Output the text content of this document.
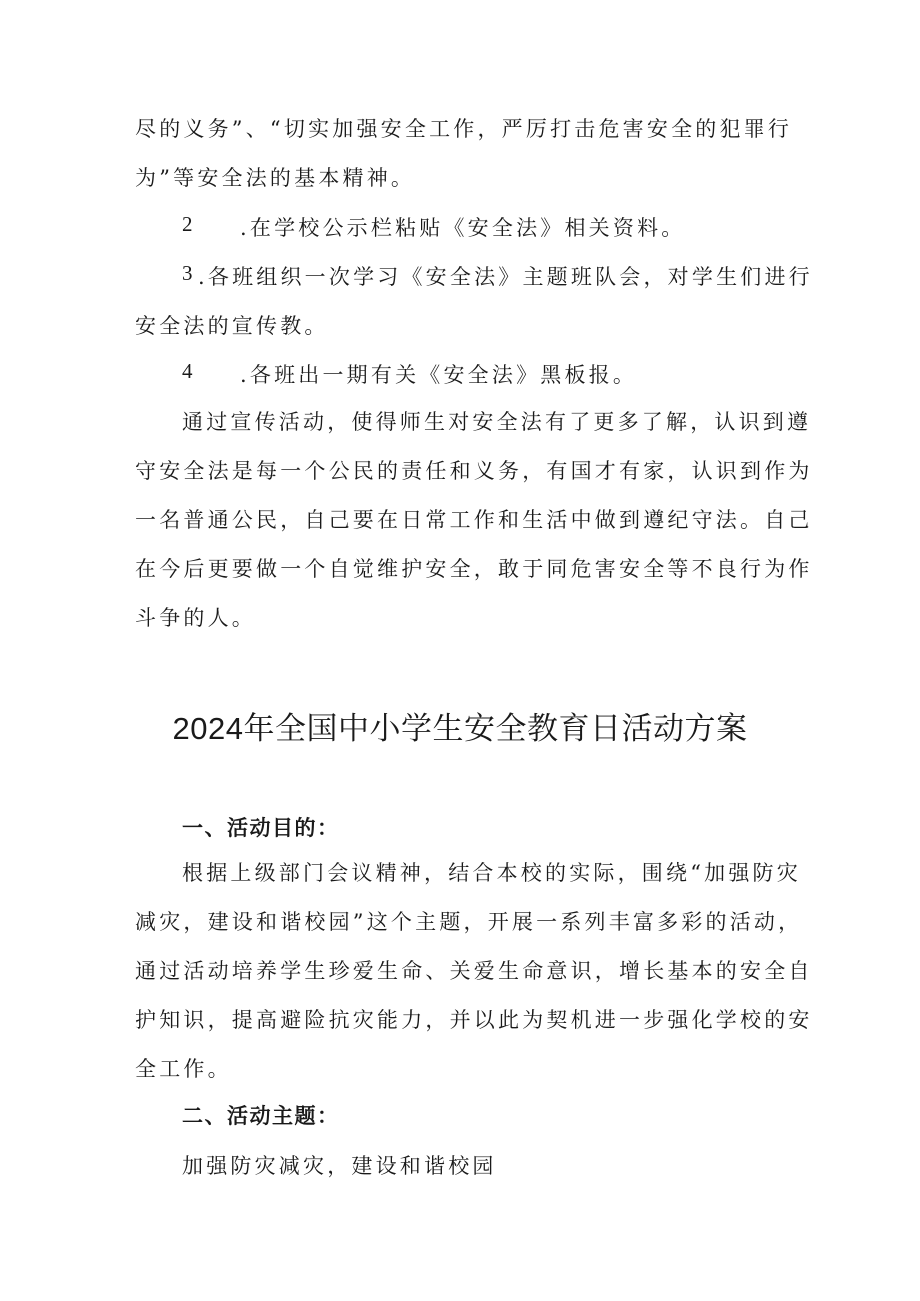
尽的义务”、“切实加强安全工作，严厉打击危害安全的犯罪行

为”等安全法的基本精神。

2 .在学校公示栏粘贴《安全法》相关资料。

3 .各班组织一次学习《安全法》主题班队会，对学生们进行

安全法的宣传教。

4 .各班出一期有关《安全法》黑板报。

通过宣传活动，使得师生对安全法有了更多了解，认识到遵

守安全法是每一个公民的责任和义务，有国才有家，认识到作为

一名普通公民，自己要在日常工作和生活中做到遵纪守法。自己

在今后更要做一个自觉维护安全，敢于同危害安全等不良行为作

斗争的人。

2024年全国中小学生安全教育日活动方案
一、活动目的：

根据上级部门会议精神，结合本校的实际，围绕“加强防灾

减灾，建设和谐校园”这个主题，开展一系列丰富多彩的活动，

通过活动培养学生珍爱生命、关爱生命意识，增长基本的安全自

护知识，提高避险抗灾能力，并以此为契机进一步强化学校的安

全工作。

二、活动主题：

加强防灾减灾，建设和谐校园
